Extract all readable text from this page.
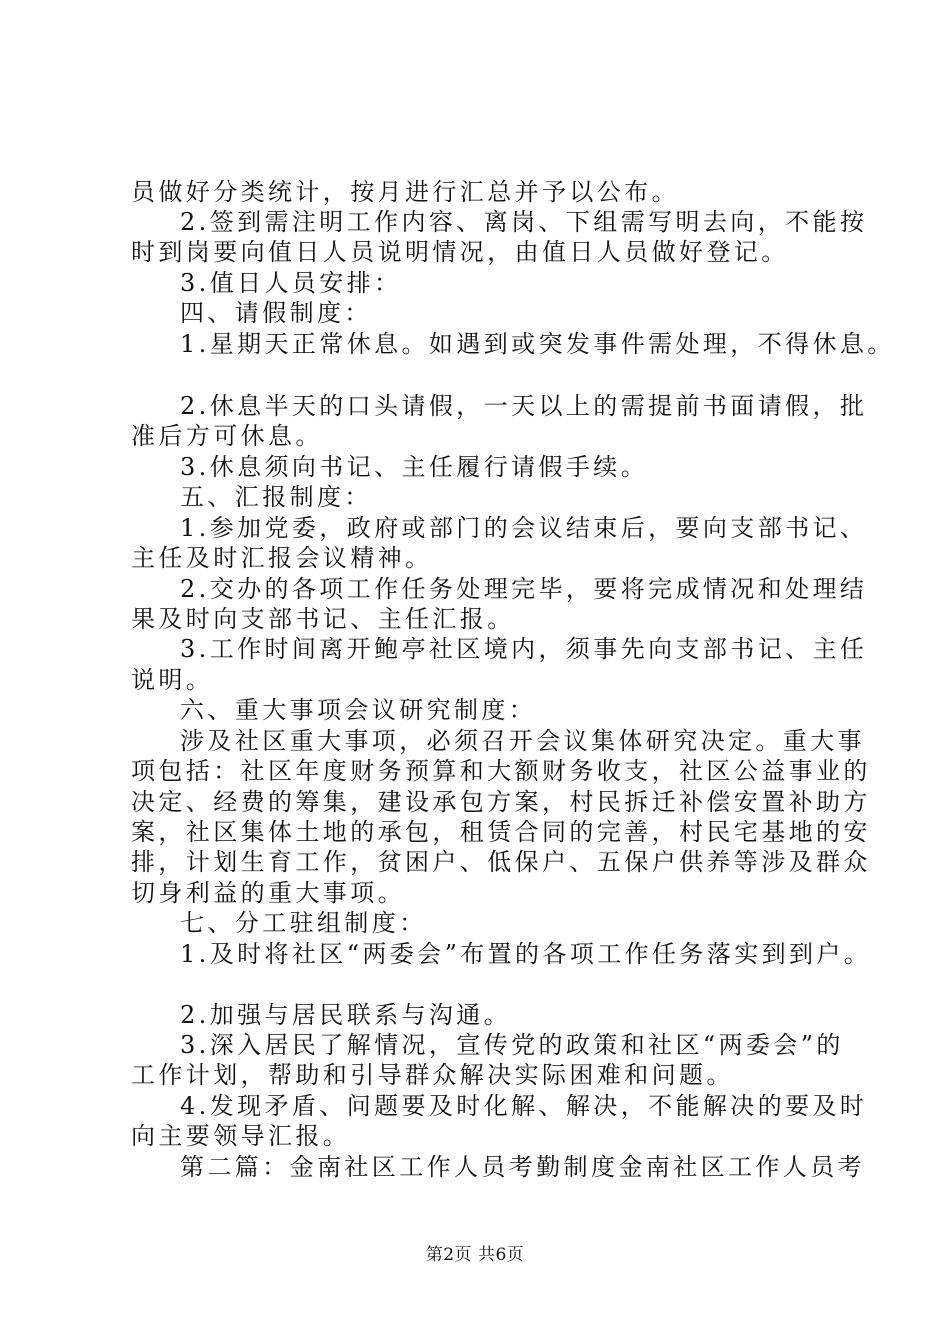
员做好分类统计，按月进行汇总并予以公布。
2.签到需注明工作内容、离岗、下组需写明去向，不能按
时到岗要向值日人员说明情况，由值日人员做好登记。
3.值日人员安排：
四、请假制度：
1.星期天正常休息。如遇到或突发事件需处理，不得休息。
2.休息半天的口头请假，一天以上的需提前书面请假，批
准后方可休息。
3.休息须向书记、主任履行请假手续。
五、汇报制度：
1.参加党委，政府或部门的会议结束后，要向支部书记、
主任及时汇报会议精神。
2.交办的各项工作任务处理完毕，要将完成情况和处理结
果及时向支部书记、主任汇报。
3.工作时间离开鲍亭社区境内，须事先向支部书记、主任
说明。
六、重大事项会议研究制度：
涉及社区重大事项，必须召开会议集体研究决定。重大事
项包括：社区年度财务预算和大额财务收支，社区公益事业的
决定、经费的筹集，建设承包方案，村民拆迁补偿安置补助方
案，社区集体土地的承包，租赁合同的完善，村民宅基地的安
排，计划生育工作，贫困户、低保户、五保户供养等涉及群众
切身利益的重大事项。
七、分工驻组制度：
1.及时将社区“两委会”布置的各项工作任务落实到到户。
2.加强与居民联系与沟通。
3.深入居民了解情况，宣传党的政策和社区“两委会”的
工作计划，帮助和引导群众解决实际困难和问题。
4.发现矛盾、问题要及时化解、解决，不能解决的要及时
向主要领导汇报。
第二篇：金南社区工作人员考勤制度金南社区工作人员考
第2页 共6页
